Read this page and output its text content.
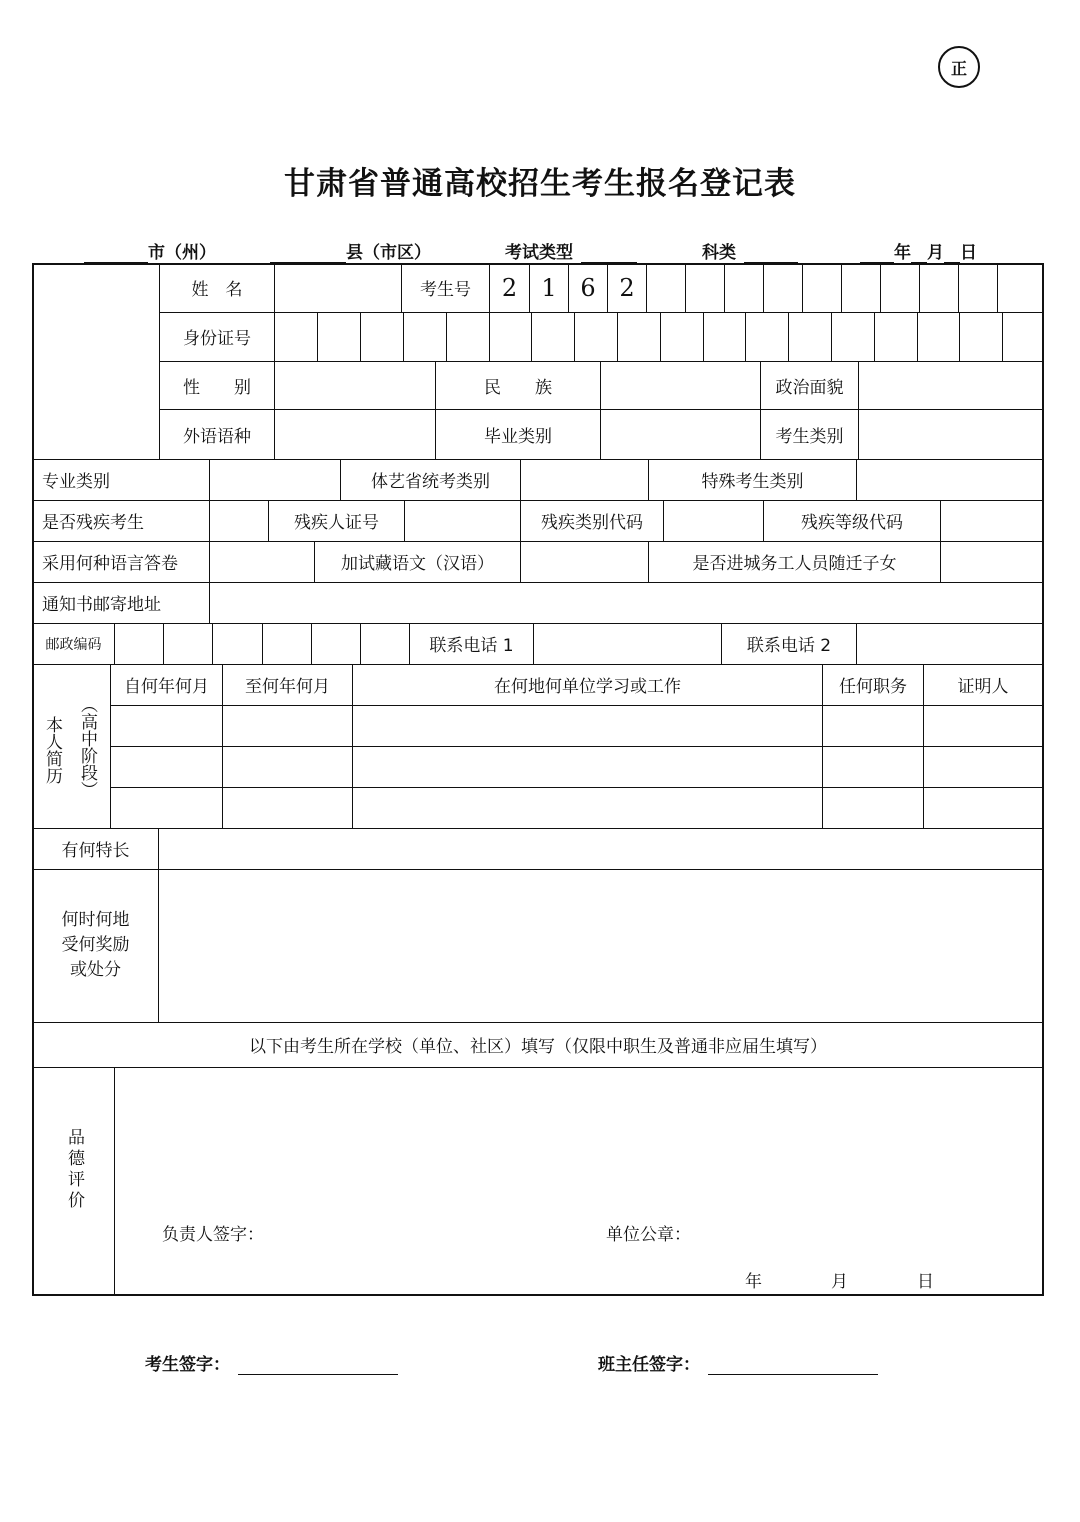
正
甘肃省普通高校招生考生报名登记表
市（州）	县（市区）	考试类型	科类	年 月 日
姓　名	考生号	2	1 6 2
身份证号
性　　别	民　　族	政治面貌
外语语种	毕业类别	考生类别
专业类别	体艺省统考类别	特殊考生类别
是否残疾考生	残疾人证号	残疾类别代码	残疾等级代码
采用何种语言答卷	加试藏语文（汉语）	是否进城务工人员随迁子女
通知书邮寄地址
邮政编码	联系电话 1	联系电话 2
本人简历 （高中阶段）
自何年何月	至何年何月	在何地何单位学习或工作	任何职务	证明人
有何特长
何时何地
受何奖励
或处分
以下由考生所在学校（单位、社区）填写（仅限中职生及普通非应届生填写）
品德评价
负责人签字：	单位公章：
年	月	日
考生签字：	班主任签字：
